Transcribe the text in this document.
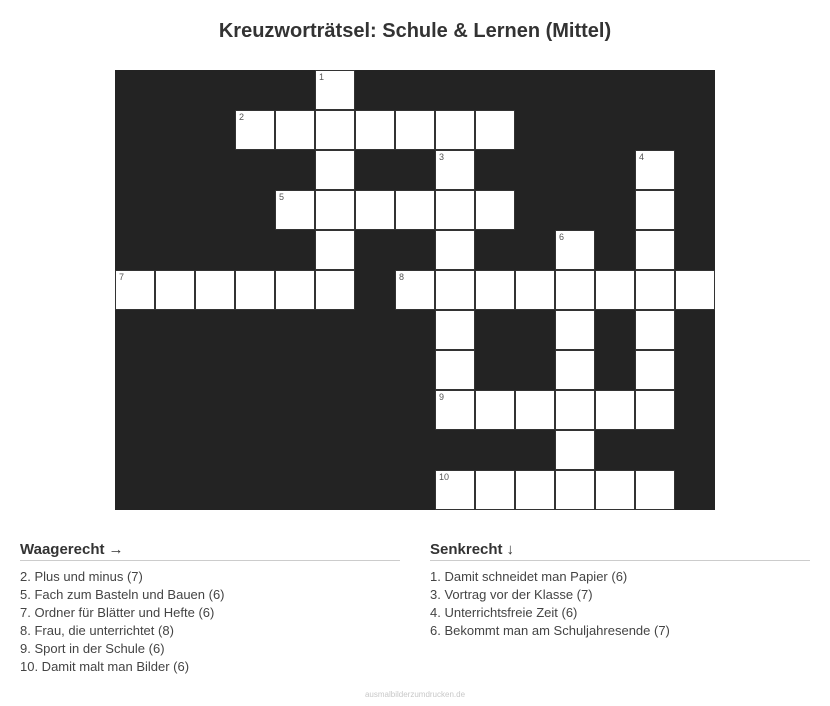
Kreuzworträtsel: Schule & Lernen (Mittel)
1
2
3	4
5
6
7	8
9
10
Waagerecht →
2. Plus und minus (7)
5. Fach zum Basteln und Bauen (6)
7. Ordner für Blätter und Hefte (6)
8. Frau, die unterrichtet (8)
9. Sport in der Schule (6)
10. Damit malt man Bilder (6)
Senkrecht ↓
1. Damit schneidet man Papier (6)
3. Vortrag vor der Klasse (7)
4. Unterrichtsfreie Zeit (6)
6. Bekommt man am Schuljahresende (7)
ausmalbilderzumdrucken.de
